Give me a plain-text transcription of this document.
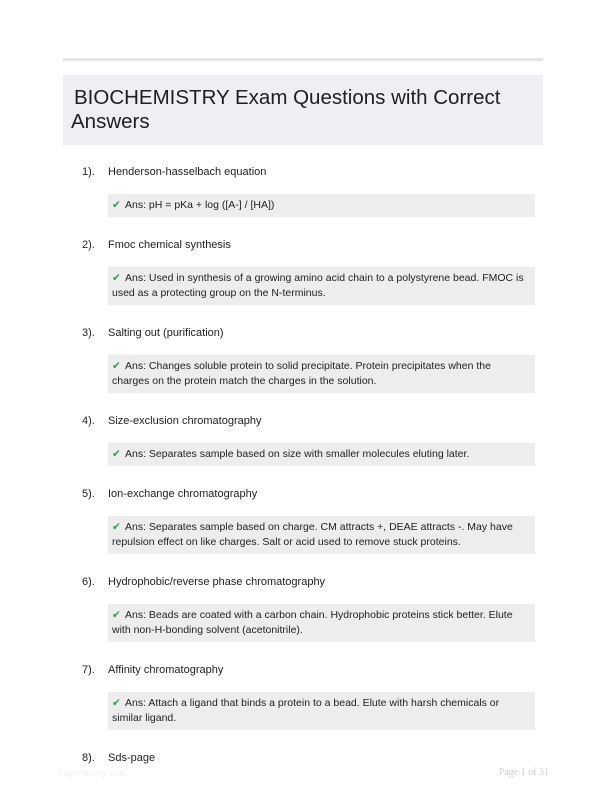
BIOCHEMISTRY Exam Questions with Correct Answers
1).	Henderson-hasselbach equation
✔ Ans: pH = pKa + log ([A-] / [HA])
2).	Fmoc chemical synthesis
✔ Ans: Used in synthesis of a growing amino acid chain to a polystyrene bead. FMOC is used as a protecting group on the N-terminus.
3).	Salting out (purification)
✔ Ans: Changes soluble protein to solid precipitate. Protein precipitates when the charges on the protein match the charges in the solution.
4).	Size-exclusion chromatography
✔ Ans: Separates sample based on size with smaller molecules eluting later.
5).	Ion-exchange chromatography
✔ Ans: Separates sample based on charge. CM attracts +, DEAE attracts -. May have repulsion effect on like charges. Salt or acid used to remove stuck proteins.
6).	Hydrophobic/reverse phase chromatography
✔ Ans: Beads are coated with a carbon chain. Hydrophobic proteins stick better. Elute with non-H-bonding solvent (acetonitrile).
7).	Affinity chromatography
✔ Ans: Attach a ligand that binds a protein to a bead. Elute with harsh chemicals or similar ligand.
8).	Sds-page
Paperlibrary.com	Page 1 of 31
